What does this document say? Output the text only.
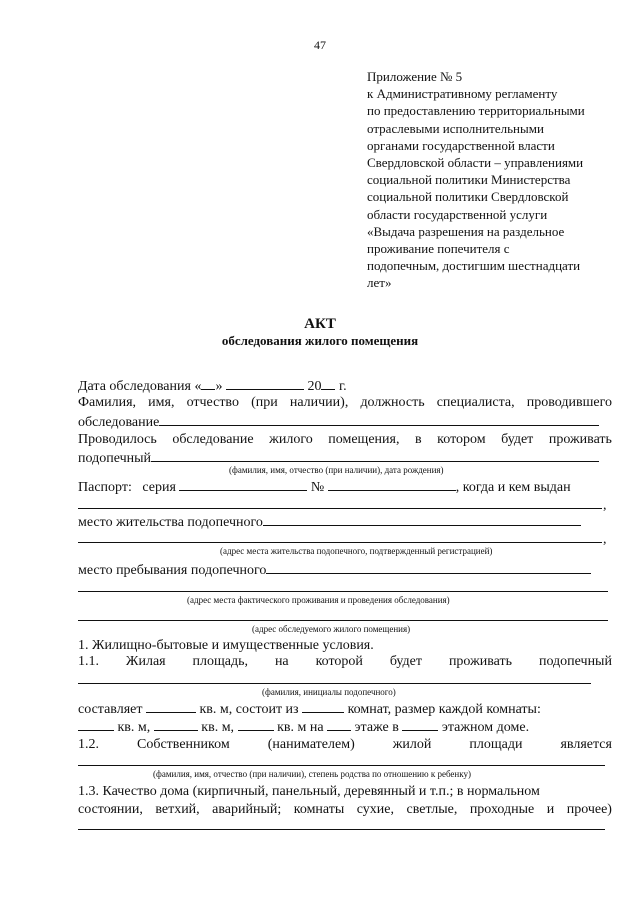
47
Приложение № 5
к Административному регламенту
по предоставлению территориальными
отраслевыми исполнительными
органами государственной власти
Свердловской области – управлениями
социальной политики Министерства
социальной политики Свердловской
области государственной услуги
«Выдача разрешения на раздельное
проживание попечителя с
подопечным, достигшим шестнадцати
лет»
АКТ
обследования жилого помещения
Дата обследования « »	20 г.
Фамилия, имя, отчество (при наличии), должность специалиста, проводившего
обследование
Проводилось обследование жилого помещения, в котором будет проживать
подопечный
(фамилия, имя, отчество (при наличии), дата рождения)
Паспорт: серия	№	, когда и кем выдан
,
место жительства подопечного
,
(адрес места жительства подопечного, подтвержденный регистрацией)
место пребывания подопечного
(адрес места фактического проживания и проведения обследования)
(адрес обследуемого жилого помещения)
1. Жилищно-бытовые и имущественные условия.
1.1. Жилая площадь, на которой будет проживать подопечный
(фамилия, инициалы подопечного)
составляет	кв. м, состоит из	комнат, размер каждой комнаты:
кв. м,	кв. м,	кв. м на этаже в	этажном доме.
1.2.	Собственником	(нанимателем)	жилой	площади	является
(фамилия, имя, отчество (при наличии), степень родства по отношению к ребенку)
1.3. Качество дома (кирпичный, панельный, деревянный и т.п.; в нормальном
состоянии, ветхий, аварийный; комнаты сухие, светлые, проходные и прочее)
